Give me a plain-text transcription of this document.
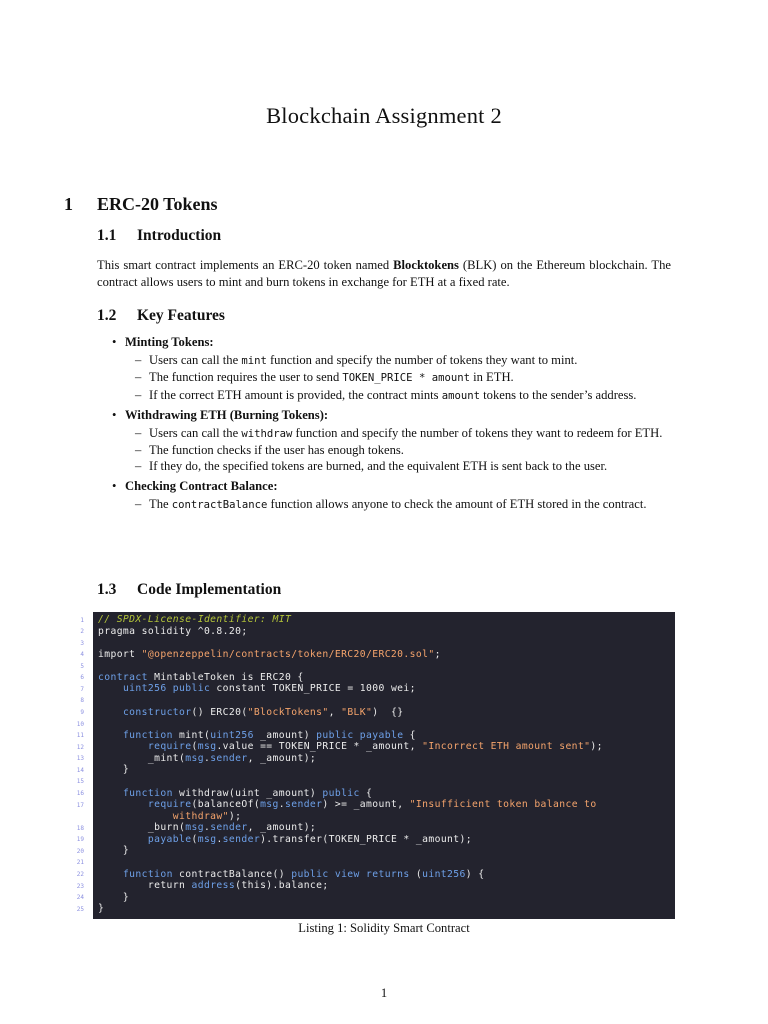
Blockchain Assignment 2
1 ERC-20 Tokens
1.1 Introduction
This smart contract implements an ERC-20 token named Blocktokens (BLK) on the Ethereum blockchain. The contract allows users to mint and burn tokens in exchange for ETH at a fixed rate.
1.2 Key Features
• Minting Tokens:
– Users can call the mint function and specify the number of tokens they want to mint.
– The function requires the user to send TOKEN_PRICE * amount in ETH.
– If the correct ETH amount is provided, the contract mints amount tokens to the sender’s address.
• Withdrawing ETH (Burning Tokens):
– Users can call the withdraw function and specify the number of tokens they want to redeem for ETH.
– The function checks if the user has enough tokens.
– If they do, the specified tokens are burned, and the equivalent ETH is sent back to the user.
• Checking Contract Balance:
– The contractBalance function allows anyone to check the amount of ETH stored in the contract.
1.3 Code Implementation
1 // SPDX-License-Identifier: MIT
2 pragma solidity ^0.8.20;
3
4 import "@openzeppelin/contracts/token/ERC20/ERC20.sol";
5
6 contract MintableToken is ERC20 {
7	uint256 public constant TOKEN_PRICE = 1000 wei;
8
9	constructor() ERC20("BlockTokens", "BLK")  {}
10
11	function mint(uint256 _amount) public payable {
12	require(msg.value == TOKEN_PRICE * _amount, "Incorrect ETH amount sent");
13 _mint(msg.sender, _amount);
14 }
15
16	function withdraw(uint _amount) public {
17	require(balanceOf(msg.sender) >= _amount, "Insufficient token balance to
withdraw");
18 _burn(msg.sender, _amount);
19	payable(msg.sender).transfer(TOKEN_PRICE * _amount);
20 }
21
22	function contractBalance() public view returns (uint256) {
23 return address(this).balance;
24 }
25 }
Listing 1: Solidity Smart Contract
1
